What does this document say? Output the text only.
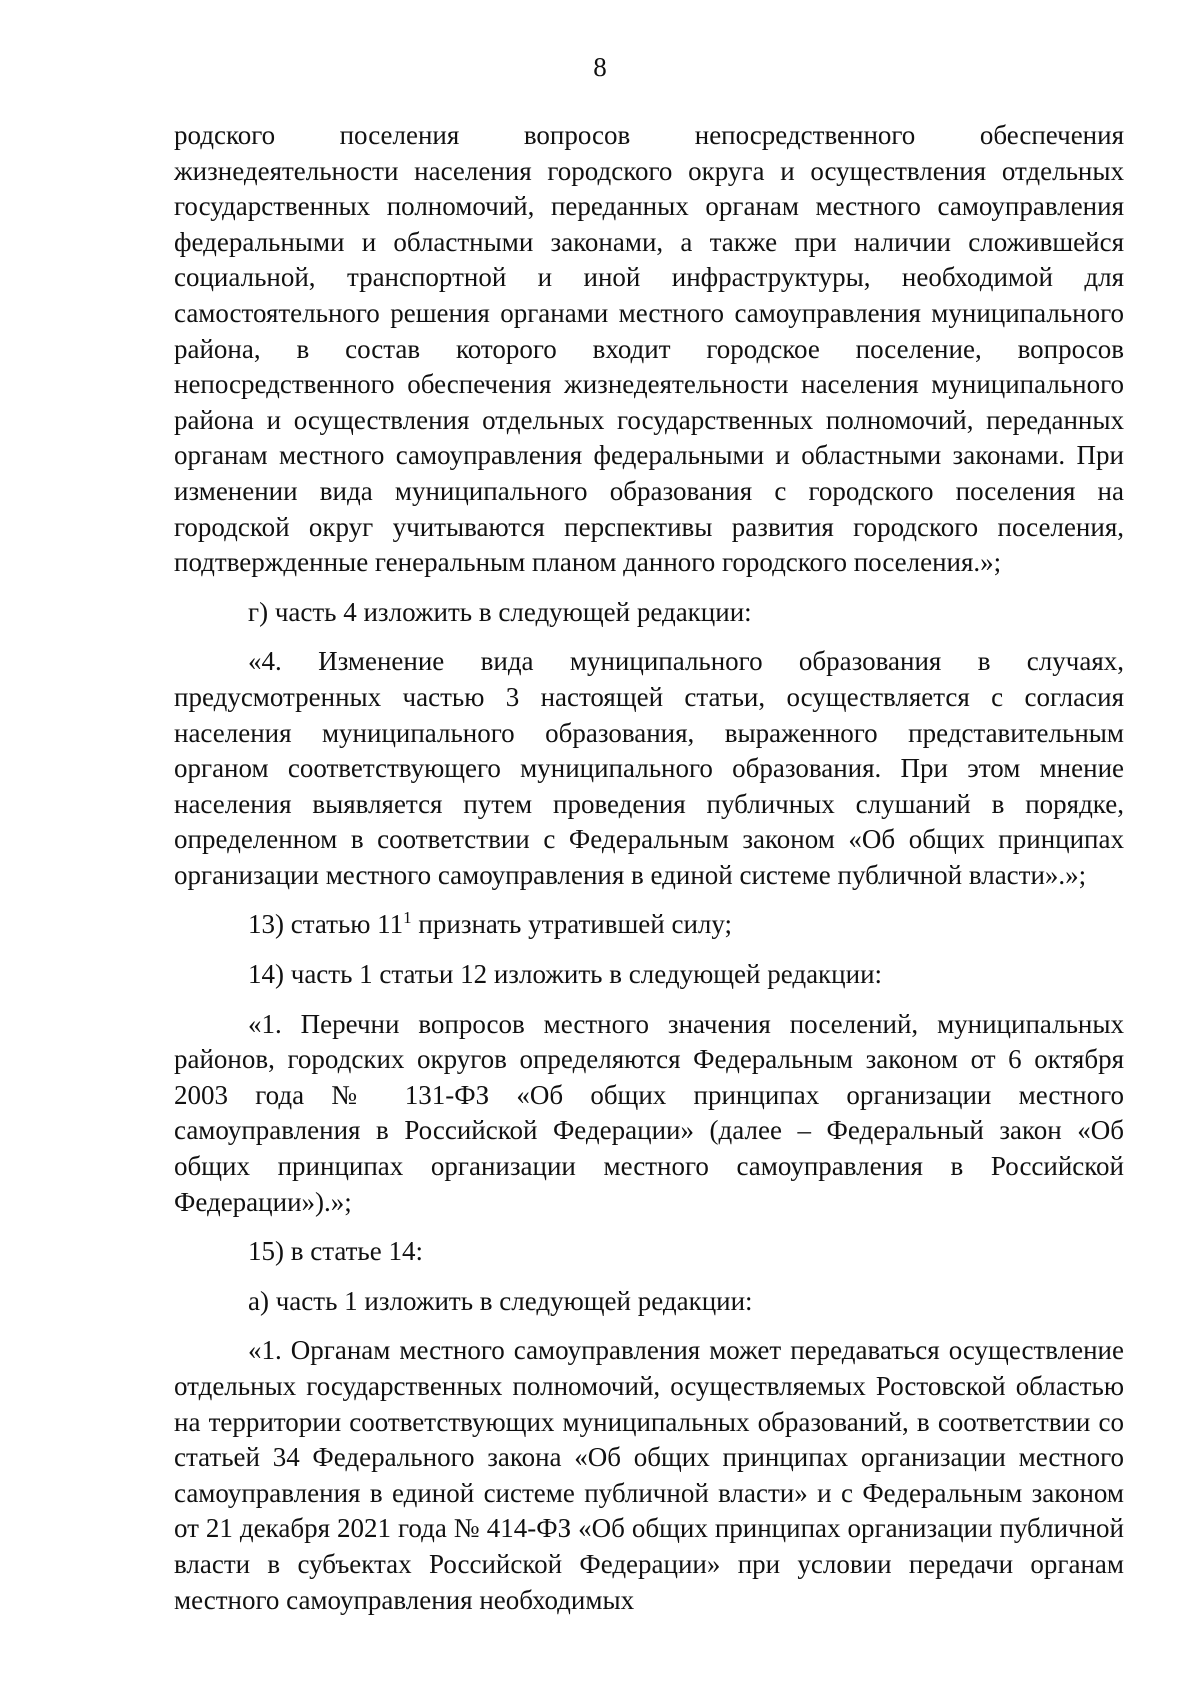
8

родского поселения вопросов непосредственного обеспечения жизнедеятельности населения городского округа и осуществления отдельных государственных полномочий, переданных органам местного самоуправления федеральными и областными законами, а также при наличии сложившейся социальной, транспортной и иной инфраструктуры, необходимой для самостоятельного решения органами местного самоуправления муниципального района, в состав которого входит городское поселение, вопросов непосредственного обеспечения жизнедеятельности населения муниципального района и осуществления отдельных государственных полномочий, переданных органам местного самоуправления федеральными и областными законами. При изменении вида муниципального образования с городского поселения на городской округ учитываются перспективы развития городского поселения, подтвержденные генеральным планом данного городского поселения.»;

г) часть 4 изложить в следующей редакции:

«4. Изменение вида муниципального образования в случаях, предусмотренных частью 3 настоящей статьи, осуществляется с согласия населения муниципального образования, выраженного представительным органом соответствующего муниципального образования. При этом мнение населения выявляется путем проведения публичных слушаний в порядке, определенном в соответствии с Федеральным законом «Об общих принципах организации местного самоуправления в единой системе публичной власти».»;

13) статью $11^1$ признать утратившей силу;

14) часть 1 статьи 12 изложить в следующей редакции:

«1. Перечни вопросов местного значения поселений, муниципальных районов, городских округов определяются Федеральным законом от 6 октября 2003 года № 131-ФЗ «Об общих принципах организации местного самоуправления в Российской Федерации» (далее – Федеральный закон «Об общих принципах организации местного самоуправления в Российской Федерации»).»;

15) в статье 14:

а) часть 1 изложить в следующей редакции:

«1. Органам местного самоуправления может передаваться осуществление отдельных государственных полномочий, осуществляемых Ростовской областью на территории соответствующих муниципальных образований, в соответствии со статьей 34 Федерального закона «Об общих принципах организации местного самоуправления в единой системе публичной власти» и с Федеральным законом от 21 декабря 2021 года № 414-ФЗ «Об общих принципах организации публичной власти в субъектах Российской Федерации» при условии передачи органам местного самоуправления необходимых
